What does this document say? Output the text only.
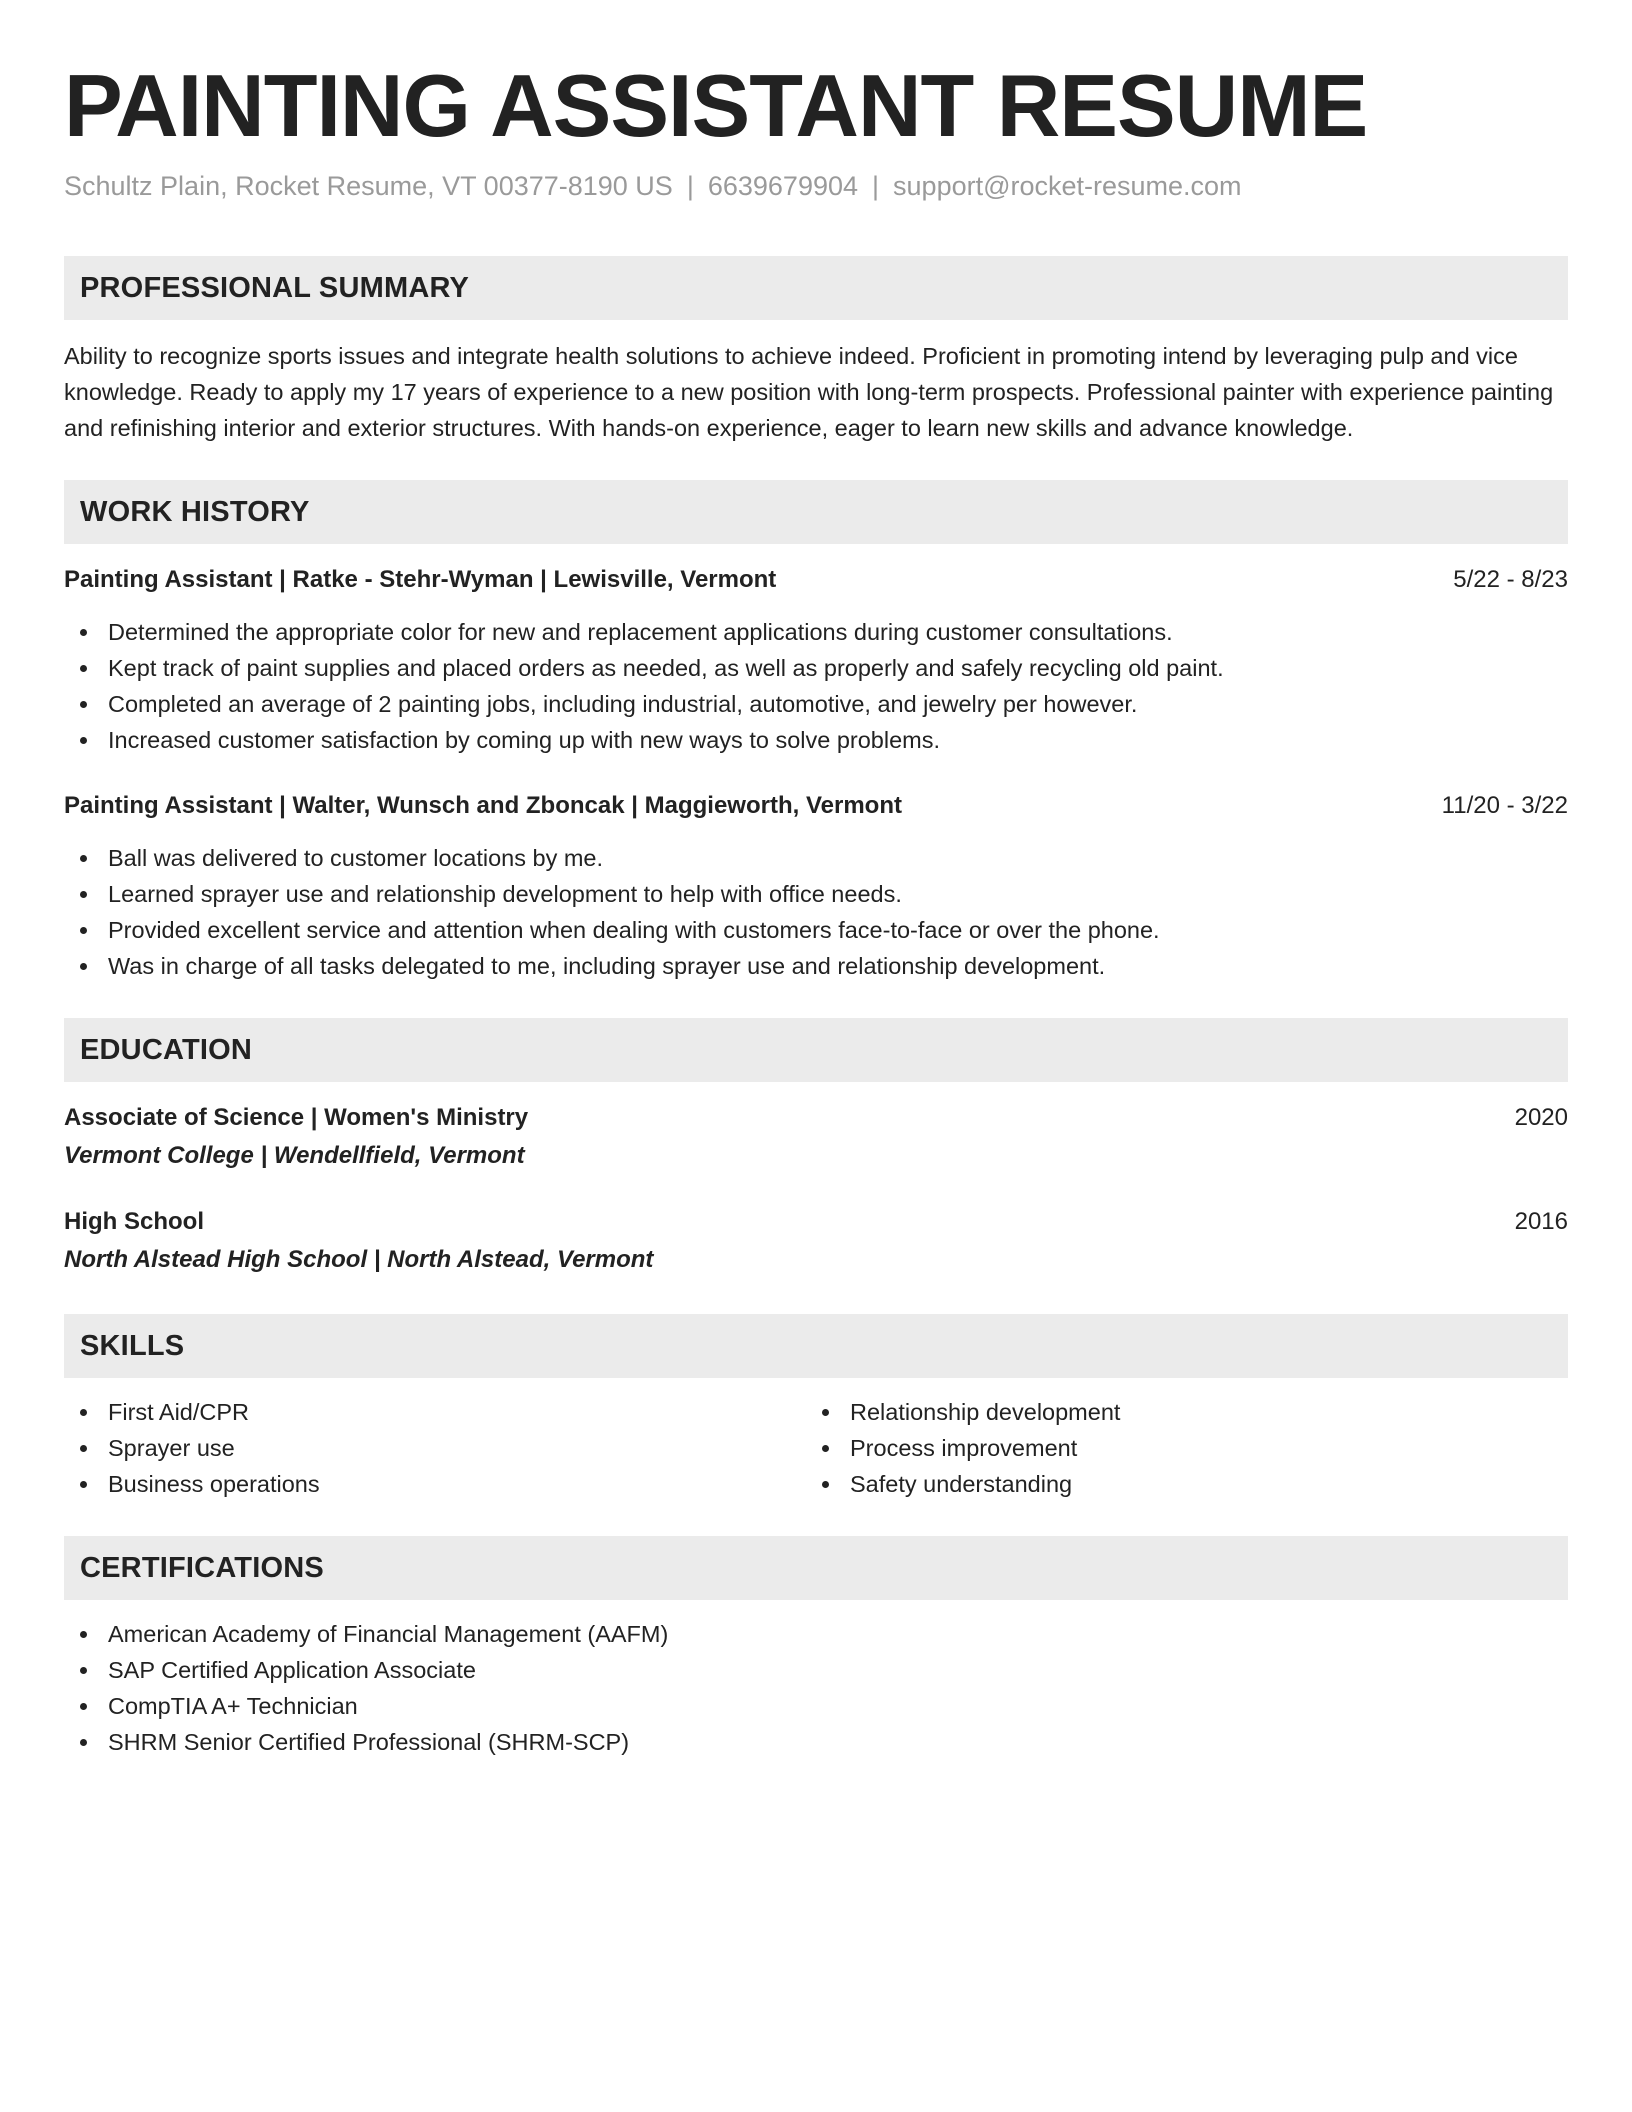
PAINTING ASSISTANT RESUME
Schultz Plain, Rocket Resume, VT 00377-8190 US | 6639679904 | support@rocket-resume.com
PROFESSIONAL SUMMARY

Ability to recognize sports issues and integrate health solutions to achieve indeed. Proficient in promoting intend by leveraging pulp and vice knowledge. Ready to apply my 17 years of experience to a new position with long-term prospects. Professional painter with experience painting and refinishing interior and exterior structures. With hands-on experience, eager to learn new skills and advance knowledge.

WORK HISTORY
Painting Assistant | Ratke - Stehr-Wyman | Lewisville, Vermont	5/22 - 8/23
Determined the appropriate color for new and replacement applications during customer consultations.
Kept track of paint supplies and placed orders as needed, as well as properly and safely recycling old paint.
Completed an average of 2 painting jobs, including industrial, automotive, and jewelry per however.
Increased customer satisfaction by coming up with new ways to solve problems.
Painting Assistant | Walter, Wunsch and Zboncak | Maggieworth, Vermont	11/20 - 3/22
Ball was delivered to customer locations by me.
Learned sprayer use and relationship development to help with office needs.
Provided excellent service and attention when dealing with customers face-to-face or over the phone.
Was in charge of all tasks delegated to me, including sprayer use and relationship development.
EDUCATION
Associate of Science | Women's Ministry	2020
Vermont College | Wendellfield, Vermont
High School	2016
North Alstead High School | North Alstead, Vermont
SKILLS
First Aid/CPR
Sprayer use
Business operations
Relationship development
Process improvement
Safety understanding
CERTIFICATIONS
American Academy of Financial Management (AAFM)
SAP Certified Application Associate
CompTIA A+ Technician
SHRM Senior Certified Professional (SHRM-SCP)
